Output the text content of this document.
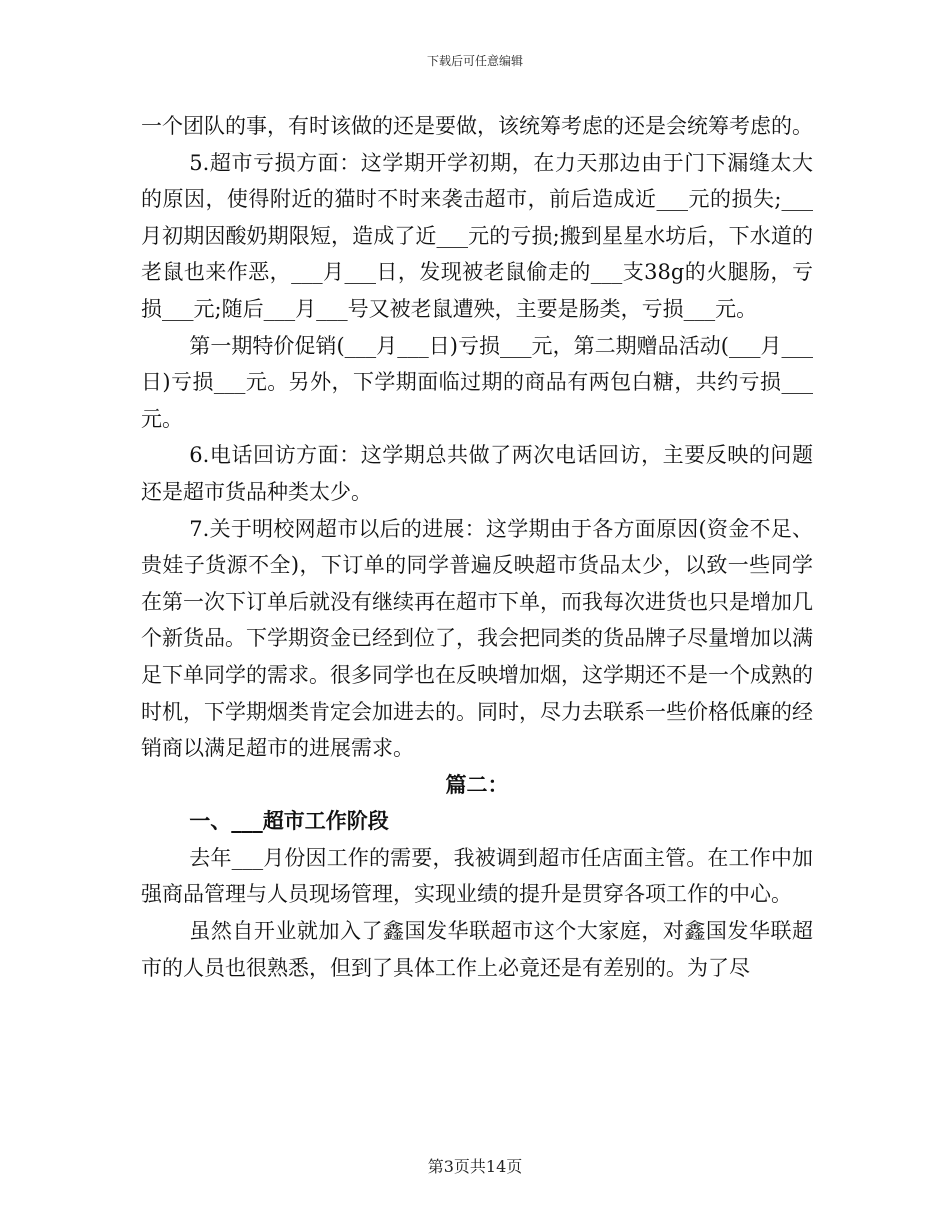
下载后可任意编辑

一个团队的事，有时该做的还是要做，该统筹考虑的还是会统筹考虑的。

5.超市亏损方面：这学期开学初期，在力天那边由于门下漏缝太大的原因，使得附近的猫时不时来袭击超市，前后造成近___元的损失;___月初期因酸奶期限短，造成了近___元的亏损;搬到星星水坊后，下水道的老鼠也来作恶，___月___日，发现被老鼠偷走的___支38g的火腿肠，亏损___元;随后___月___号又被老鼠遭殃，主要是肠类，亏损___元。

第一期特价促销(___月___日)亏损___元，第二期赠品活动(___月___日)亏损___元。另外，下学期面临过期的商品有两包白糖，共约亏损___元。

6.电话回访方面：这学期总共做了两次电话回访，主要反映的问题还是超市货品种类太少。

7.关于明校网超市以后的进展：这学期由于各方面原因(资金不足、贵娃子货源不全)，下订单的同学普遍反映超市货品太少，以致一些同学在第一次下订单后就没有继续再在超市下单，而我每次进货也只是增加几个新货品。下学期资金已经到位了，我会把同类的货品牌子尽量增加以满足下单同学的需求。很多同学也在反映增加烟，这学期还不是一个成熟的时机，下学期烟类肯定会加进去的。同时，尽力去联系一些价格低廉的经销商以满足超市的进展需求。

篇二：

一、___超市工作阶段

去年___月份因工作的需要，我被调到超市任店面主管。在工作中加强商品管理与人员现场管理，实现业绩的提升是贯穿各项工作的中心。

虽然自开业就加入了鑫国发华联超市这个大家庭，对鑫国发华联超市的人员也很熟悉，但到了具体工作上必竟还是有差别的。为了尽

第3页共14页
